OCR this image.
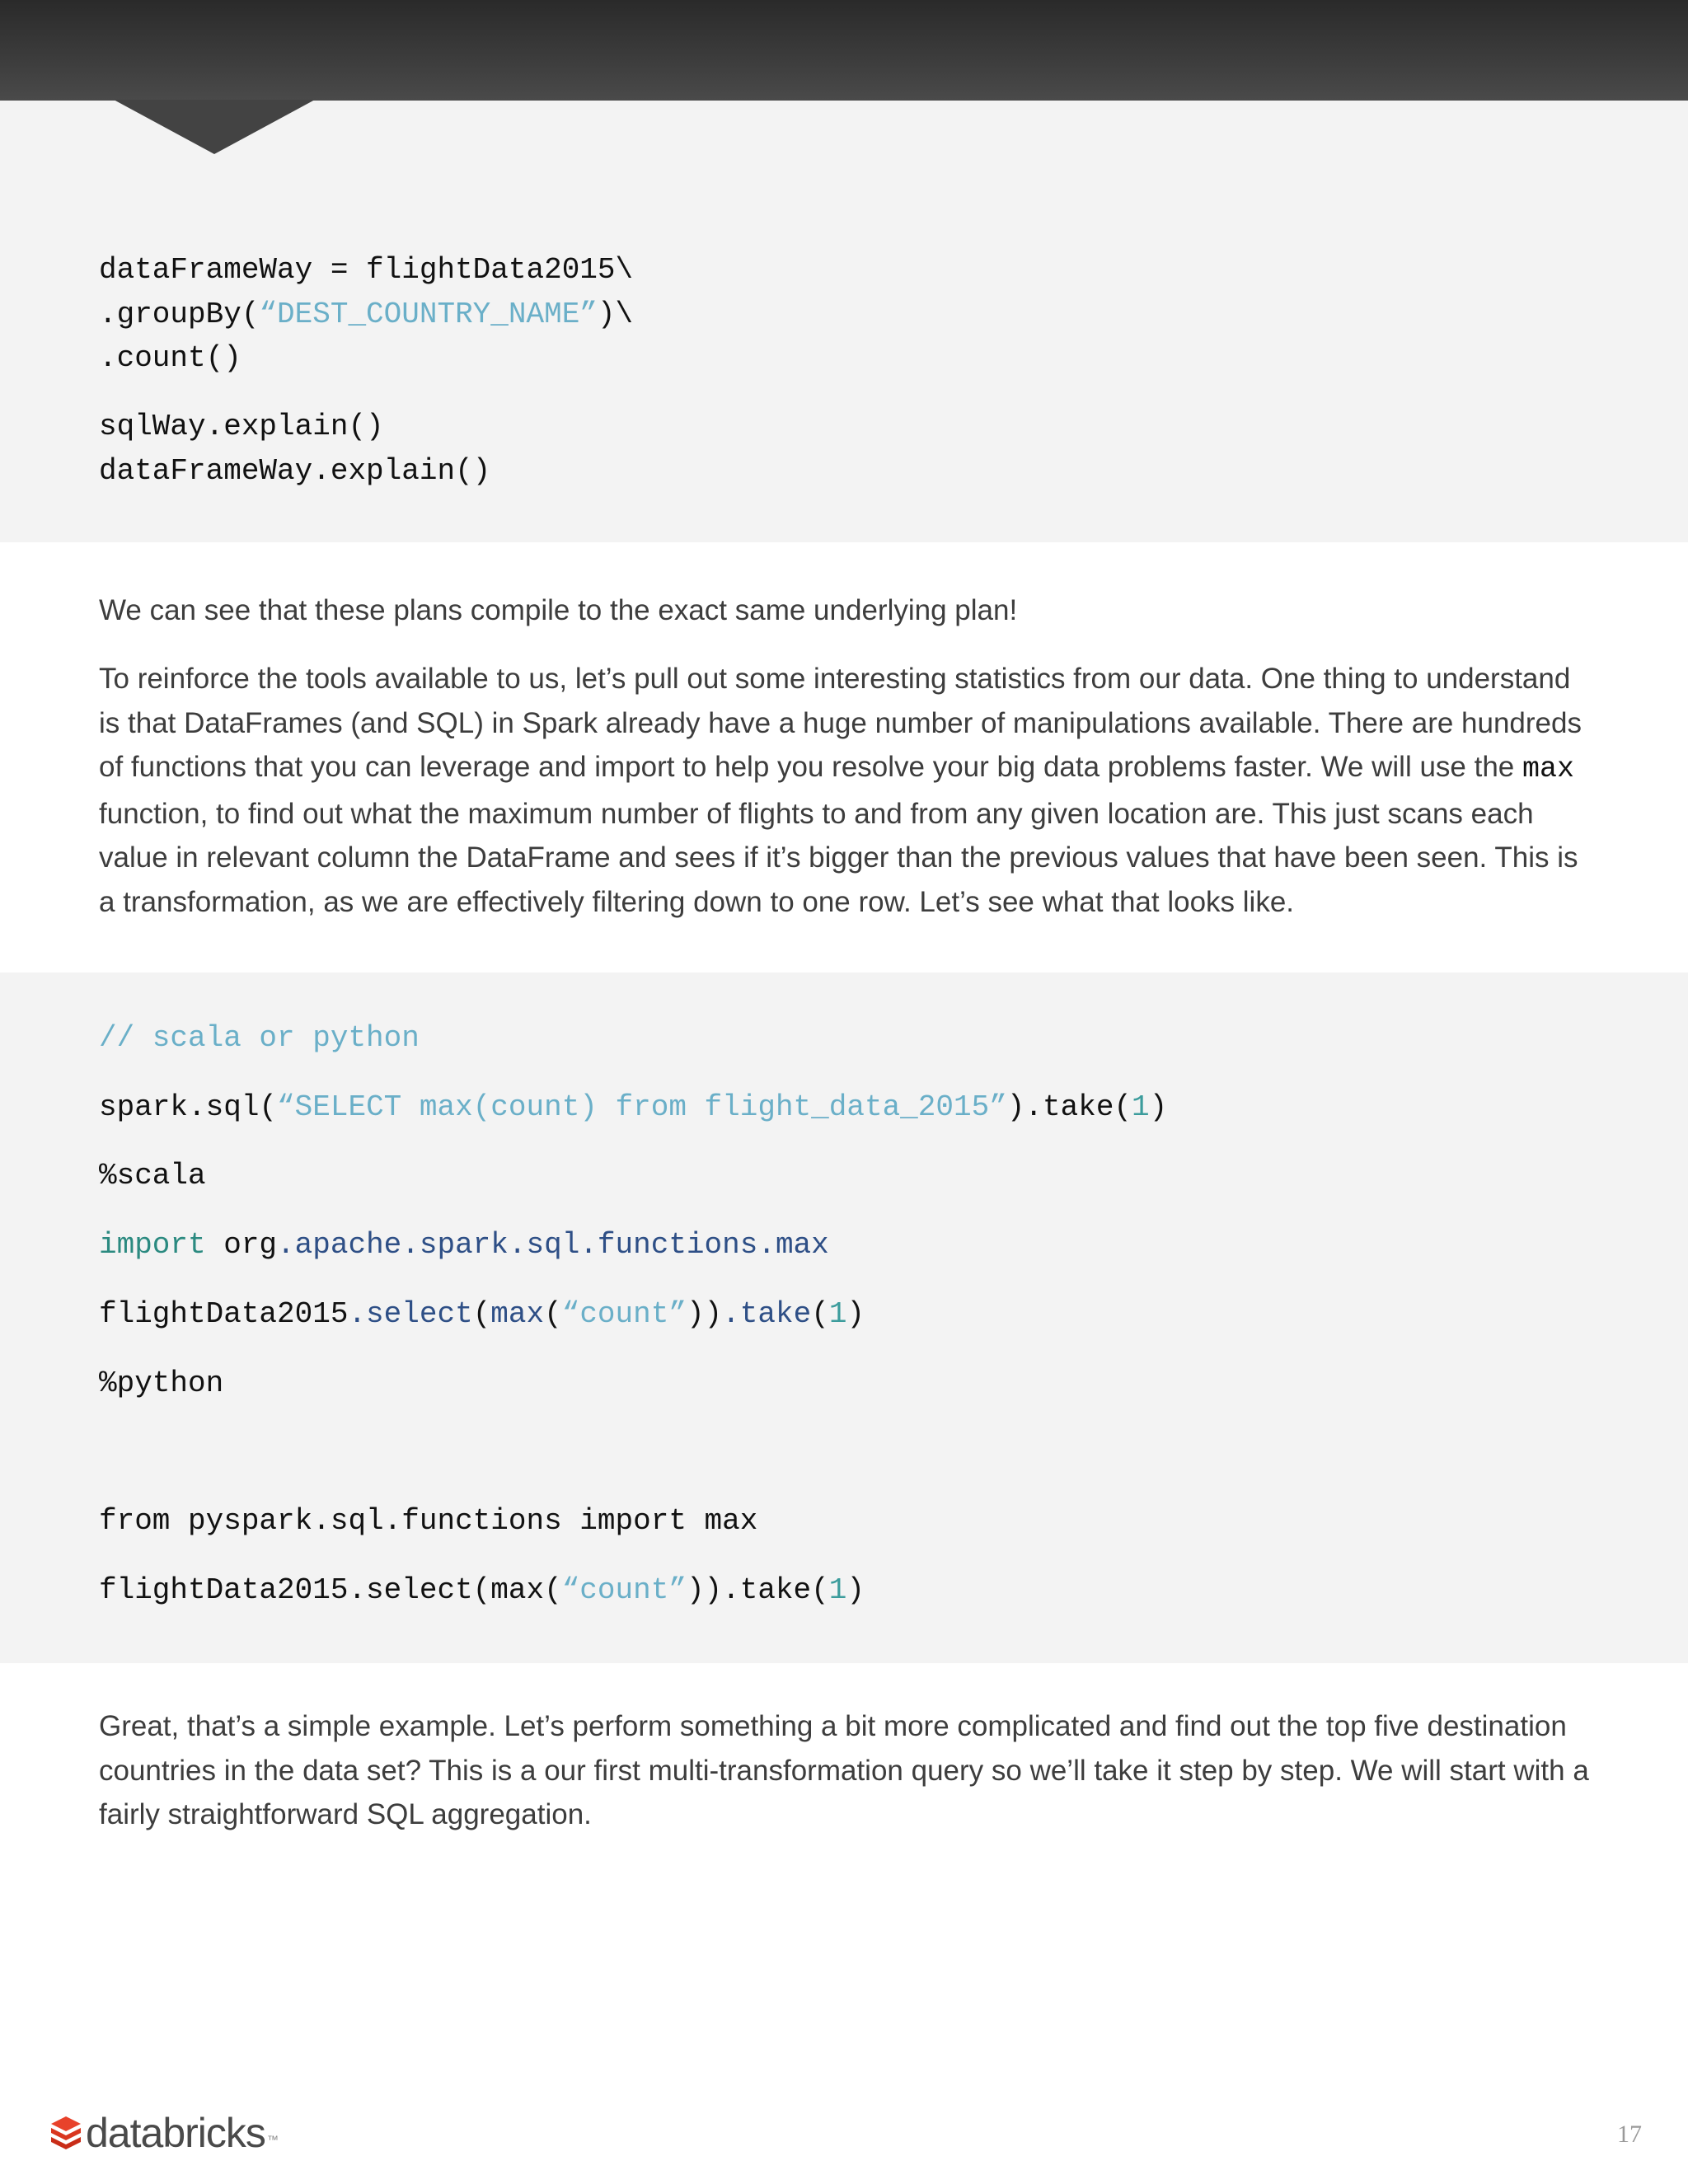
dataFrameWay = flightData2015\
.groupBy(“DEST_COUNTRY_NAME”)\
.count()
sqlWay.explain()
dataFrameWay.explain()
We can see that these plans compile to the exact same underlying plan!
To reinforce the tools available to us, let’s pull out some interesting statistics from our data. One thing to understand is that DataFrames (and SQL) in Spark already have a huge number of manipulations available. There are hundreds of functions that you can leverage and import to help you resolve your big data problems faster. We will use the max function, to find out what the maximum number of flights to and from any given location are. This just scans each value in relevant column the DataFrame and sees if it’s bigger than the previous values that have been seen. This is a transformation, as we are effectively filtering down to one row. Let’s see what that looks like.
// scala or python
spark.sql(“SELECT max(count) from flight_data_2015”).take(1)
%scala
import org.apache.spark.sql.functions.max
flightData2015.select(max(“count”)).take(1)
%python
from pyspark.sql.functions import max
flightData2015.select(max(“count”)).take(1)
Great, that’s a simple example. Let’s perform something a bit more complicated and find out the top five destination countries in the data set? This is a our first multi-transformation query so we’ll take it step by step. We will start with a fairly straightforward SQL aggregation.
databricks ™	17
